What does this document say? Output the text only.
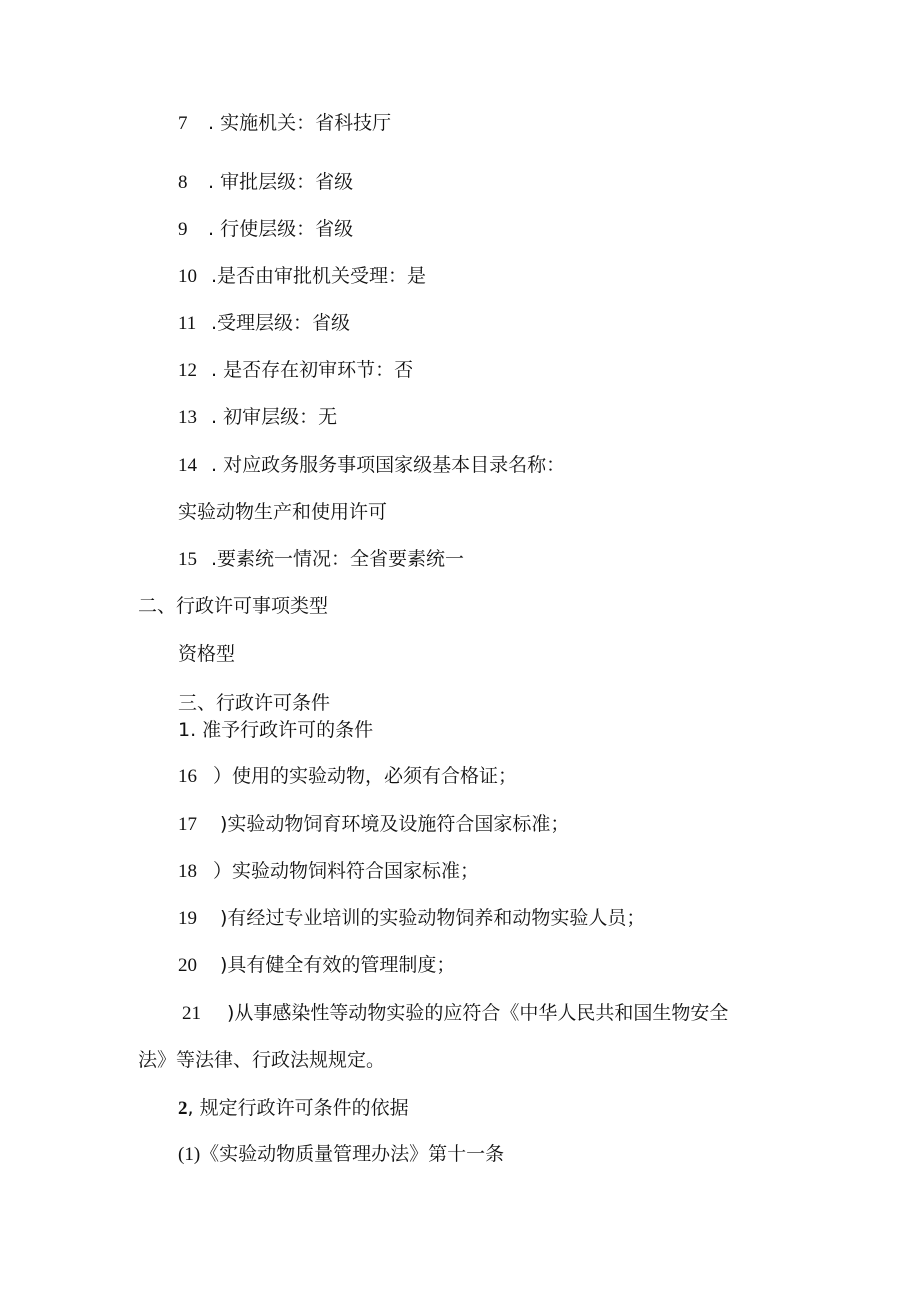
7 . 实施机关：省科技厅
8 . 审批层级：省级
9 . 行使层级：省级
10 .是否由审批机关受理：是
11 .受理层级：省级
12 . 是否存在初审环节：否
13 . 初审层级：无
14 . 对应政务服务事项国家级基本目录名称：
实验动物生产和使用许可
15 .要素统一情况：全省要素统一
二、行政许可事项类型
资格型
三、行政许可条件
1. 准予行政许可的条件
16 ）使用的实验动物，必须有合格证；
17 )实验动物饲育环境及设施符合国家标准；
18 ）实验动物饲料符合国家标准；
19 )有经过专业培训的实验动物饲养和动物实验人员；
20 )具有健全有效的管理制度；
21 )从事感染性等动物实验的应符合《中华人民共和国生物安全
法》等法律、行政法规规定。
2, 规定行政许可条件的依据
(1)《实验动物质量管理办法》第十一条
